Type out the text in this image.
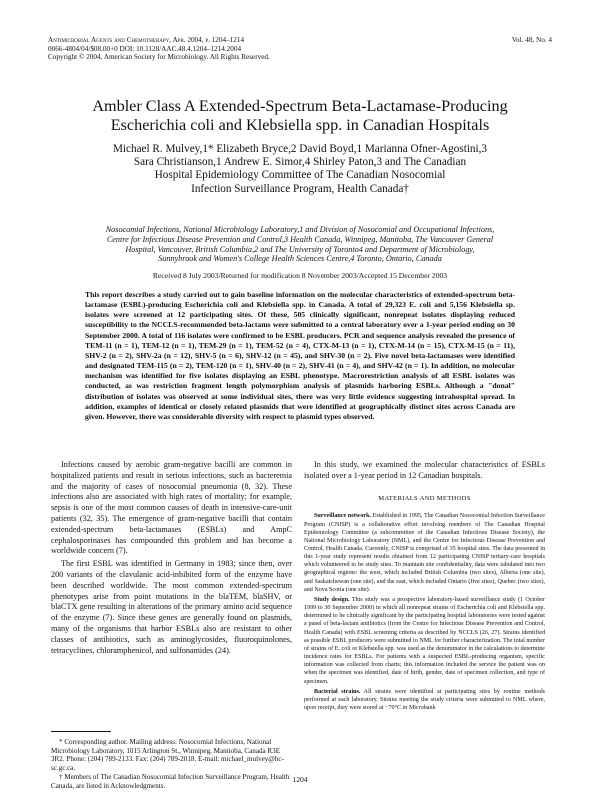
Antimicrobial Agents and Chemotherapy, Apr. 2004, p. 1204–1214
0066-4804/04/$08.00+0 DOI: 10.1128/AAC.48.4.1204–1214.2004
Copyright © 2004, American Society for Microbiology. All Rights Reserved.
Vol. 48, No. 4
Ambler Class A Extended-Spectrum Beta-Lactamase-Producing
Escherichia coli and Klebsiella spp. in Canadian Hospitals
Michael R. Mulvey,1* Elizabeth Bryce,2 David Boyd,1 Marianna Ofner-Agostini,3
Sara Christianson,1 Andrew E. Simor,4 Shirley Paton,3 and The Canadian
Hospital Epidemiology Committee of The Canadian Nosocomial
Infection Surveillance Program, Health Canada†
Nosocomial Infections, National Microbiology Laboratory,1 and Division of Nosocomial and Occupational Infections,
Centre for Infectious Disease Prevention and Control,3 Health Canada, Winnipeg, Manitoba, The Vancouver General
Hospital, Vancouver, British Columbia,2 and The University of Toronto4 and Department of Microbiology,
Sunnybrook and Women's College Health Sciences Centre,4 Toronto, Ontario, Canada
Received 8 July 2003/Returned for modification 8 November 2003/Accepted 15 December 2003
This report describes a study carried out to gain baseline information on the molecular characteristics of extended-spectrum beta-lactamase (ESBL)-producing Escherichia coli and Klebsiella spp. in Canada. A total of 29,323 E. coli and 5,156 Klebsiella sp. isolates were screened at 12 participating sites. Of these, 505 clinically significant, nonrepeat isolates displaying reduced susceptibility to the NCCLS-recommended beta-lactams were submitted to a central laboratory over a 1-year period ending on 30 September 2000. A total of 116 isolates were confirmed to be ESBL producers. PCR and sequence analysis revealed the presence of TEM-11 (n = 1), TEM-12 (n = 1), TEM-29 (n = 1), TEM-52 (n = 4), CTX-M-13 (n = 1), CTX-M-14 (n = 15), CTX-M-15 (n = 11), SHV-2 (n = 2), SHV-2a (n = 12), SHV-5 (n = 6), SHV-12 (n = 45), and SHV-30 (n = 2). Five novel beta-lactamases were identified and designated TEM-115 (n = 2), TEM-120 (n = 1), SHV-40 (n = 2), SHV-41 (n = 4), and SHV-42 (n = 1). In addition, no molecular mechanism was identified for five isolates displaying an ESBL phenotype. Macrorestriction analysis of all ESBL isolates was conducted, as was restriction fragment length polymorphism analysis of plasmids harboring ESBLs. Although a "donal" distribution of isolates was observed at some individual sites, there was very little evidence suggesting intrahospital spread. In addition, examples of identical or closely related plasmids that were identified at geographically distinct sites across Canada are given. However, there was considerable diversity with respect to plasmid types observed.

Infections caused by aerobic gram-negative bacilli are common in hospitalized patients and result in serious infections, such as bacteremia and the majority of cases of nosocomial pneumonia (8, 32). These infections also are associated with high rates of mortality; for example, sepsis is one of the most common causes of death in intensive-care-unit patients (32, 35). The emergence of gram-negative bacilli that contain extended-spectrum beta-lactamases (ESBLs) and AmpC cephalosporinases has compounded this problem and has become a worldwide concern (7).

The first ESBL was identified in Germany in 1983; since then, over 200 variants of the clavulanic acid-inhibited form of the enzyme have been described worldwide. The most common extended-spectrum phenotypes arise from point mutations in the blaTEM, blaSHV, or blaCTX gene resulting in alterations of the primary amino acid sequence of the enzyme (7). Since these genes are generally found on plasmids, many of the organisms that harbor ESBLs also are resistant to other classes of antibiotics, such as aminoglycosides, fluoroquinolones, tetracyclines, chloramphenicol, and sulfonamides (24).

In this study, we examined the molecular characteristics of ESBLs isolated over a 1-year period in 12 Canadian hospitals.

MATERIALS AND METHODS

Surveillance network. Established in 1995, The Canadian Nosocomial Infection Surveillance Program (CNISP) is a collaborative effort involving members of The Canadian Hospital Epidemiology Committee (a subcommittee of the Canadian Infectious Disease Society), the National Microbiology Laboratory (NML), and the Centre for Infectious Disease Prevention and Control, Health Canada. Currently, CNISP is comprised of 35 hospital sites. The data presented in this 1-year study represent results obtained from 12 participating CNISP tertiary-care hospitals which volunteered to be study sites. To maintain site confidentiality, data were tabulated into two geographical regions: the west, which included British Columbia (two sites), Alberta (one site), and Saskatchewan (one site), and the east, which included Ontario (five sites), Quebec (two sites), and Nova Scotia (one site).

Study design. This study was a prospective laboratory-based surveillance study (1 October 1999 to 30 September 2000) in which all nonrepeat strains of Escherichia coli and Klebsiella spp. determined to be clinically significant by the participating hospital laboratories were tested against a panel of beta-lactam antibiotics (from the Centre for Infectious Disease Prevention and Control, Health Canada) with ESBL screening criteria as described by NCCLS (26, 27). Strains identified as possible ESBL producers were submitted to NML for further characterization. The total number of strains of E. coli or Klebsiella spp. was used as the denominator in the calculations to determine incidence rates for ESBLs. For patients with a suspected ESBL-producing organism, specific information was collected from charts; this information included the service the patient was on when the specimen was identified, date of birth, gender, date of specimen collection, and type of specimen.

Bacterial strains. All strains were identified at participating sites by routine methods performed at each laboratory. Strains meeting the study criteria were submitted to NML where, upon receipt, they were stored at −70°C in Microbank

* Corresponding author. Mailing address: Nosocomial Infections, National Microbiology Laboratory, 1015 Arlington St., Winnipeg, Manitoba, Canada R3E 3R2. Phone: (204) 789-2133. Fax: (204) 789-2018. E-mail: michael_mulvey@hc-sc.gc.ca.

† Members of The Canadian Nosocomial Infection Surveillance Program, Health Canada, are listed in Acknowledgments.

1204
